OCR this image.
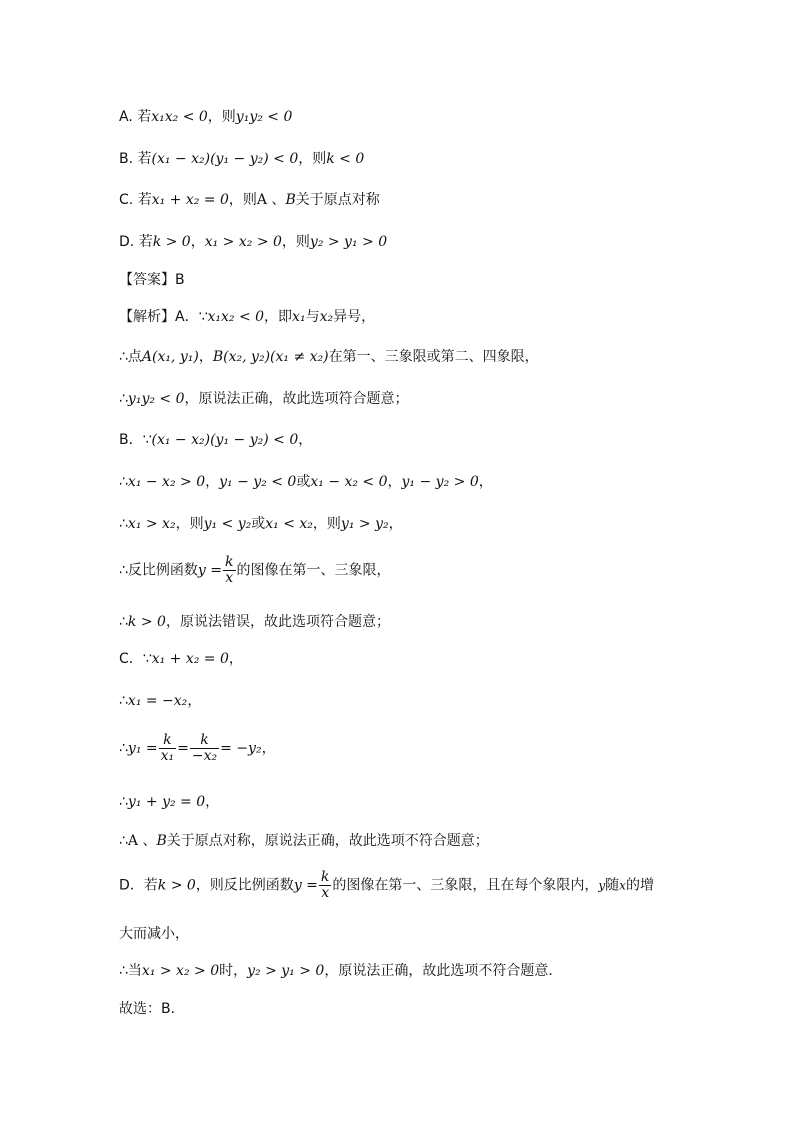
A. 若x₁x₂ < 0，则y₁y₂ < 0
B. 若(x₁ − x₂)(y₁ − y₂) < 0，则k < 0
C. 若x₁ + x₂ = 0，则A 、B关于原点对称
D. 若k > 0，x₁ > x₂ > 0，则y₂ > y₁ > 0
【答案】B
【解析】A．∵x₁x₂ < 0，即x₁与x₂异号，
∴点A(x₁, y₁)，B(x₂, y₂)(x₁ ≠ x₂)在第一、三象限或第二、四象限，
∴y₁y₂ < 0，原说法正确，故此选项符合题意；
B．∵(x₁ − x₂)(y₁ − y₂) < 0，
∴x₁ − x₂ > 0，y₁ − y₂ < 0或x₁ − x₂ < 0，y₁ − y₂ > 0，
∴x₁ > x₂，则y₁ < y₂或x₁ < x₂，则y₁ > y₂，
∴反比例函数$y = \frac{k}{x}$ 的图像在第一、三象限，
∴k > 0，原说法错误，故此选项符合题意；
C．∵x₁ + x₂ = 0，
∴x₁ = −x₂，
∴y₁ = $\frac{k}{\text{x₁}} = \frac{k}{\text{−x₂}} = -y_2$，
∴y₁ + y₂ = 0，
∴A 、B关于原点对称，原说法正确，故此选项不符合题意；
D．若k > 0，则反比例函数$y = \frac{k}{x}$ 的图像在第一、三象限，且在每个象限内，y随x的增
大而减小，
∴当x₁ > x₂ > 0时，y₂ > y₁ > 0，原说法正确，故此选项不符合题意．
故选：B．
